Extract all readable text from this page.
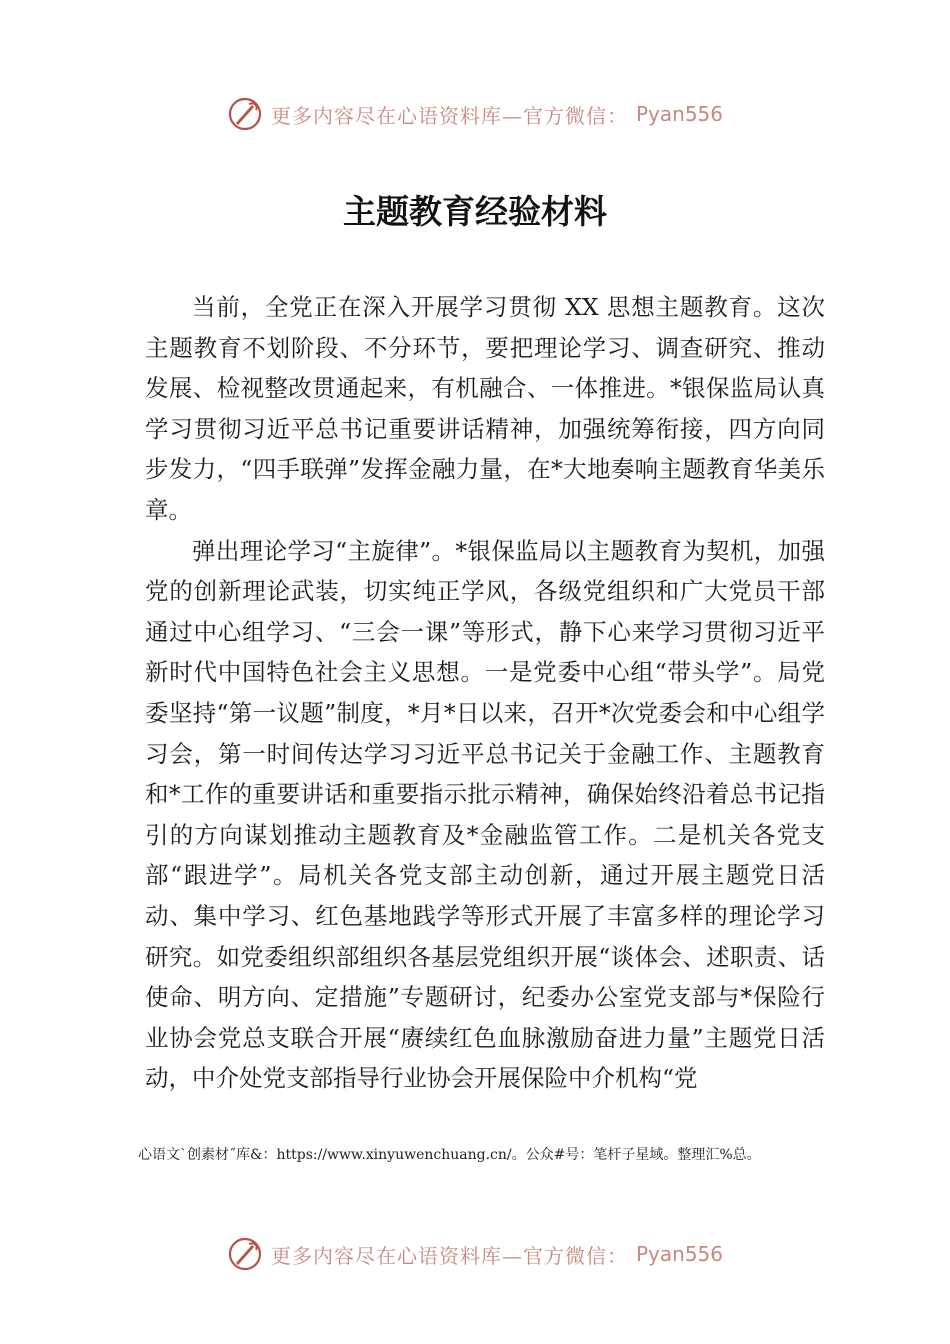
更多内容尽在心语资料库—官方微信： Pyan556
主题教育经验材料

当前，全党正在深入开展学习贯彻 XX 思想主题教育。这次主题教育不划阶段、不分环节，要把理论学习、调查研究、推动发展、检视整改贯通起来，有机融合、一体推进。*银保监局认真学习贯彻习近平总书记重要讲话精神，加强统筹衔接，四方向同步发力，“四手联弹”发挥金融力量，在*大地奏响主题教育华美乐章。

弹出理论学习“主旋律”。*银保监局以主题教育为契机，加强党的创新理论武装，切实纯正学风，各级党组织和广大党员干部通过中心组学习、“三会一课”等形式，静下心来学习贯彻习近平新时代中国特色社会主义思想。一是党委中心组“带头学”。局党委坚持“第一议题”制度，*月*日以来，召开*次党委会和中心组学习会，第一时间传达学习习近平总书记关于金融工作、主题教育和*工作的重要讲话和重要指示批示精神，确保始终沿着总书记指引的方向谋划推动主题教育及*金融监管工作。二是机关各党支部“跟进学”。局机关各党支部主动创新，通过开展主题党日活动、集中学习、红色基地践学等形式开展了丰富多样的理论学习研究。如党委组织部组织各基层党组织开展“谈体会、述职责、话使命、明方向、定措施”专题研讨，纪委办公室党支部与*保险行业协会党总支联合开展“赓续红色血脉激励奋进力量”主题党日活动，中介处党支部指导行业协会开展保险中介机构“党

心语文`创素材˝库&：https://www.xinyuwenchuang.cn/。公众#号：笔杆子星域。整理汇%总。

更多内容尽在心语资料库—官方微信： Pyan556
